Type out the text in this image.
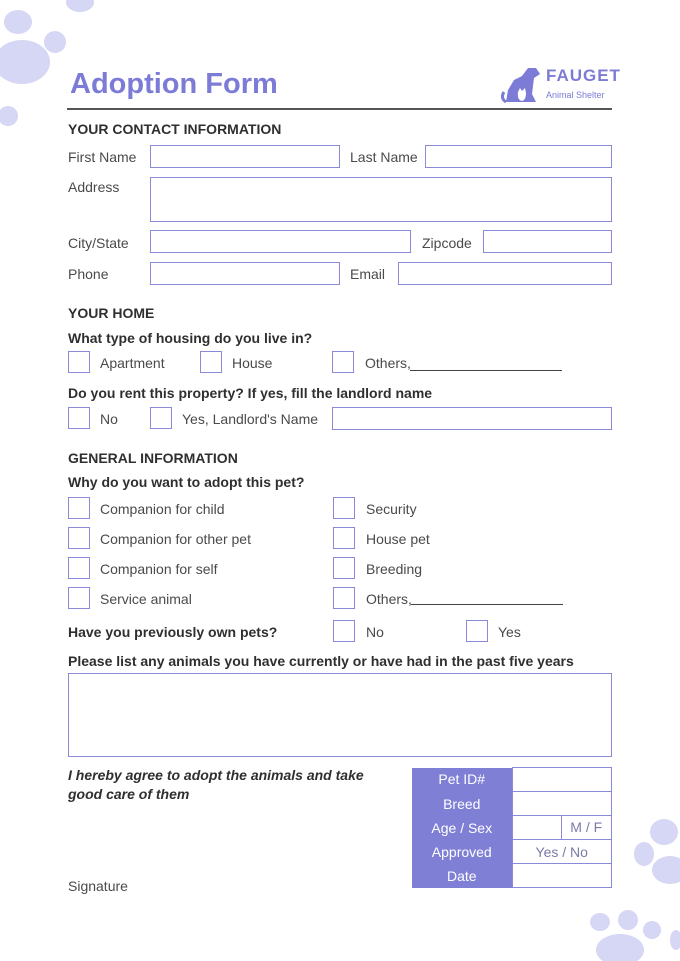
Adoption Form	FAUGET
Animal Shelter
YOUR CONTACT INFORMATION
First Name	Last Name
Address
City/State	Zipcode
Phone	Email
YOUR HOME
What type of housing do you live in?
Apartment	House	Others,
Do you rent this property? If yes, fill the landlord name
No	Yes, Landlord's Name
GENERAL INFORMATION
Why do you want to adopt this pet?
Companion for child
Companion for other pet
Companion for self
Service animal
Security
House pet
Breeding
Others,
Have you previously own pets?	No	Yes
Please list any animals you have currently or have had in the past five years
I hereby agree to adopt the animals and take good care of them
Signature
Pet ID#	
Breed	
Age / Sex	M / F

Approved	Yes / No
Date	
